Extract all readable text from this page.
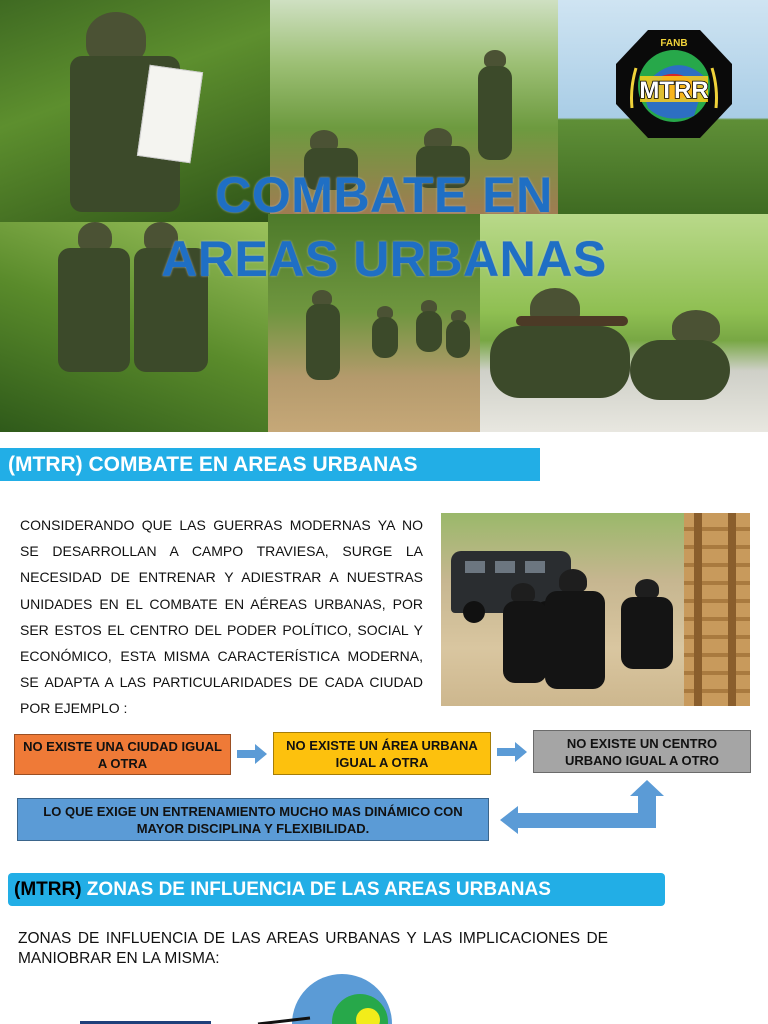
FANB
MTRR
COMBATE EN
AREAS URBANAS
(MTRR) COMBATE EN AREAS URBANAS

CONSIDERANDO QUE LAS GUERRAS MODERNAS YA NO SE DESARROLLAN A CAMPO TRAVIESA, SURGE LA NECESIDAD DE ENTRENAR Y ADIESTRAR A NUESTRAS UNIDADES EN EL COMBATE EN AÉREAS URBANAS, POR SER ESTOS EL CENTRO DEL PODER POLÍTICO, SOCIAL Y ECONÓMICO, ESTA MISMA CARACTERÍSTICA MODERNA, SE ADAPTA A LAS PARTICULARIDADES DE CADA CIUDAD POR EJEMPLO :

NO EXISTE UNA CIUDAD IGUAL A OTRA
NO EXISTE UN ÁREA URBANA IGUAL A OTRA
NO EXISTE UN CENTRO URBANO IGUAL A OTRO
LO QUE EXIGE UN ENTRENAMIENTO MUCHO MAS DINÁMICO CON MAYOR DISCIPLINA Y FLEXIBILIDAD.
(MTRR) ZONAS DE INFLUENCIA DE LAS AREAS URBANAS

ZONAS DE INFLUENCIA DE LAS AREAS URBANAS Y LAS IMPLICACIONES DE MANIOBRAR EN LA MISMA:
